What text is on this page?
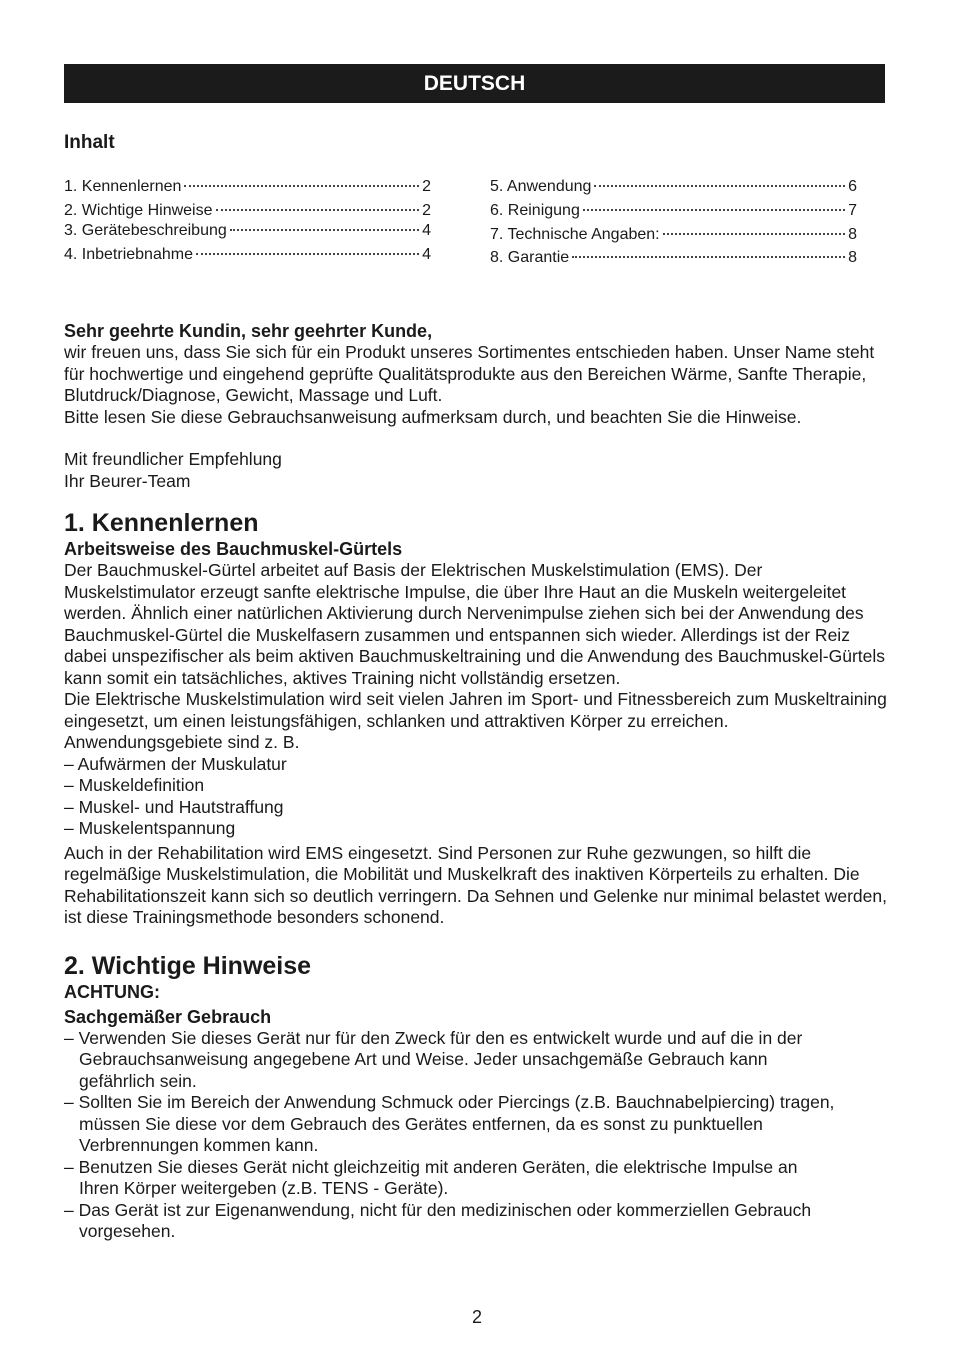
DEUTSCH
Inhalt
1. Kennenlernen	2
2. Wichtige Hinweise	2
3. Gerätebeschreibung	4
4. Inbetriebnahme	4
5. Anwendung	6
6. Reinigung	7
7. Technische Angaben:	8
8. Garantie	8
Sehr geehrte Kundin, sehr geehrter Kunde,

wir freuen uns, dass Sie sich für ein Produkt unseres Sortimentes entschieden haben. Unser Name steht für hochwertige und eingehend geprüfte Qualitätsprodukte aus den Bereichen Wärme, Sanfte Therapie, Blutdruck/Diagnose, Gewicht, Massage und Luft.

Bitte lesen Sie diese Gebrauchsanweisung aufmerksam durch, und beachten Sie die Hinweise.

Mit freundlicher Empfehlung
Ihr Beurer-Team
1. Kennenlernen
Arbeitsweise des Bauchmuskel-Gürtels

Der Bauchmuskel-Gürtel arbeitet auf Basis der Elektrischen Muskelstimulation (EMS). Der Muskelstimulator erzeugt sanfte elektrische Impulse, die über Ihre Haut an die Muskeln weitergeleitet werden. Ähnlich einer natürlichen Aktivierung durch Nervenimpulse ziehen sich bei der Anwendung des Bauchmuskel-Gürtel die Muskelfasern zusammen und entspannen sich wieder. Allerdings ist der Reiz dabei unspezifischer als beim aktiven Bauchmuskeltraining und die Anwendung des Bauchmuskel-Gürtels kann somit ein tatsächliches, aktives Training nicht vollständig ersetzen.

Die Elektrische Muskelstimulation wird seit vielen Jahren im Sport- und Fitnessbereich zum Muskeltraining eingesetzt, um einen leistungsfähigen, schlanken und attraktiven Körper zu erreichen.

Anwendungsgebiete sind z. B.

– Aufwärmen der Muskulatur
– Muskeldefinition
– Muskel- und Hautstraffung
– Muskelentspannung

Auch in der Rehabilitation wird EMS eingesetzt. Sind Personen zur Ruhe gezwungen, so hilft die regelmäßige Muskelstimulation, die Mobilität und Muskelkraft des inaktiven Körperteils zu erhalten. Die Rehabilitationszeit kann sich so deutlich verringern. Da Sehnen und Gelenke nur minimal belastet werden, ist diese Trainingsmethode besonders schonend.

2. Wichtige Hinweise
ACHTUNG:
Sachgemäßer Gebrauch
– Verwenden Sie dieses Gerät nur für den Zweck für den es entwickelt wurde und auf die in der Gebrauchsanweisung angegebene Art und Weise. Jeder unsachgemäße Gebrauch kann gefährlich sein.
– Sollten Sie im Bereich der Anwendung Schmuck oder Piercings (z.B. Bauchnabelpiercing) tragen, müssen Sie diese vor dem Gebrauch des Gerätes entfernen, da es sonst zu punktuellen Verbrennungen kommen kann.
– Benutzen Sie dieses Gerät nicht gleichzeitig mit anderen Geräten, die elektrische Impulse an Ihren Körper weitergeben (z.B. TENS - Geräte).
– Das Gerät ist zur Eigenanwendung, nicht für den medizinischen oder kommerziellen Gebrauch vorgesehen.
2
